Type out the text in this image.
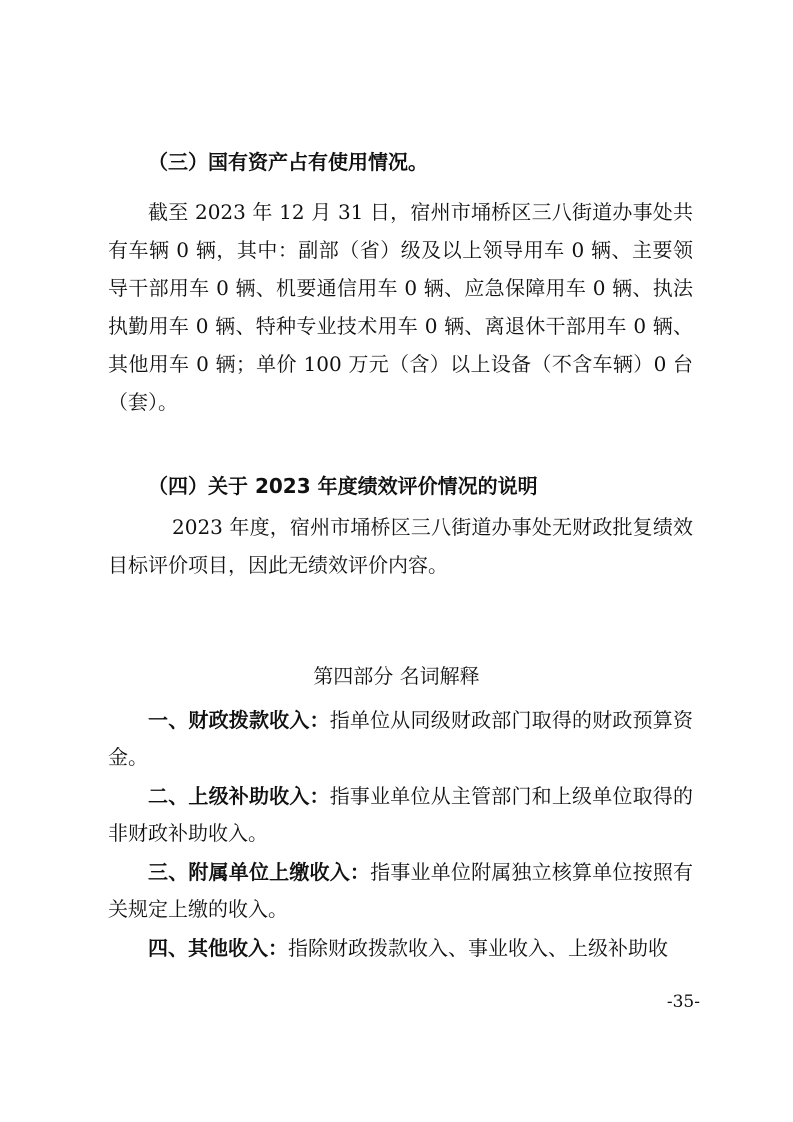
（三）国有资产占有使用情况。

截至 2023 年 12 月 31 日，宿州市埇桥区三八街道办事处共有车辆 0 辆，其中：副部（省）级及以上领导用车 0 辆、主要领导干部用车 0 辆、机要通信用车 0 辆、应急保障用车 0 辆、执法执勤用车 0 辆、特种专业技术用车 0 辆、离退休干部用车 0 辆、其他用车 0 辆；单价 100 万元（含）以上设备（不含车辆）0 台（套）。

（四）关于 2023 年度绩效评价情况的说明

2023 年度，宿州市埇桥区三八街道办事处无财政批复绩效目标评价项目，因此无绩效评价内容。

第四部分 名词解释

一、财政拨款收入：指单位从同级财政部门取得的财政预算资金。

二、上级补助收入：指事业单位从主管部门和上级单位取得的非财政补助收入。

三、附属单位上缴收入：指事业单位附属独立核算单位按照有关规定上缴的收入。

四、其他收入：指除财政拨款收入、事业收入、上级补助收

-35-
